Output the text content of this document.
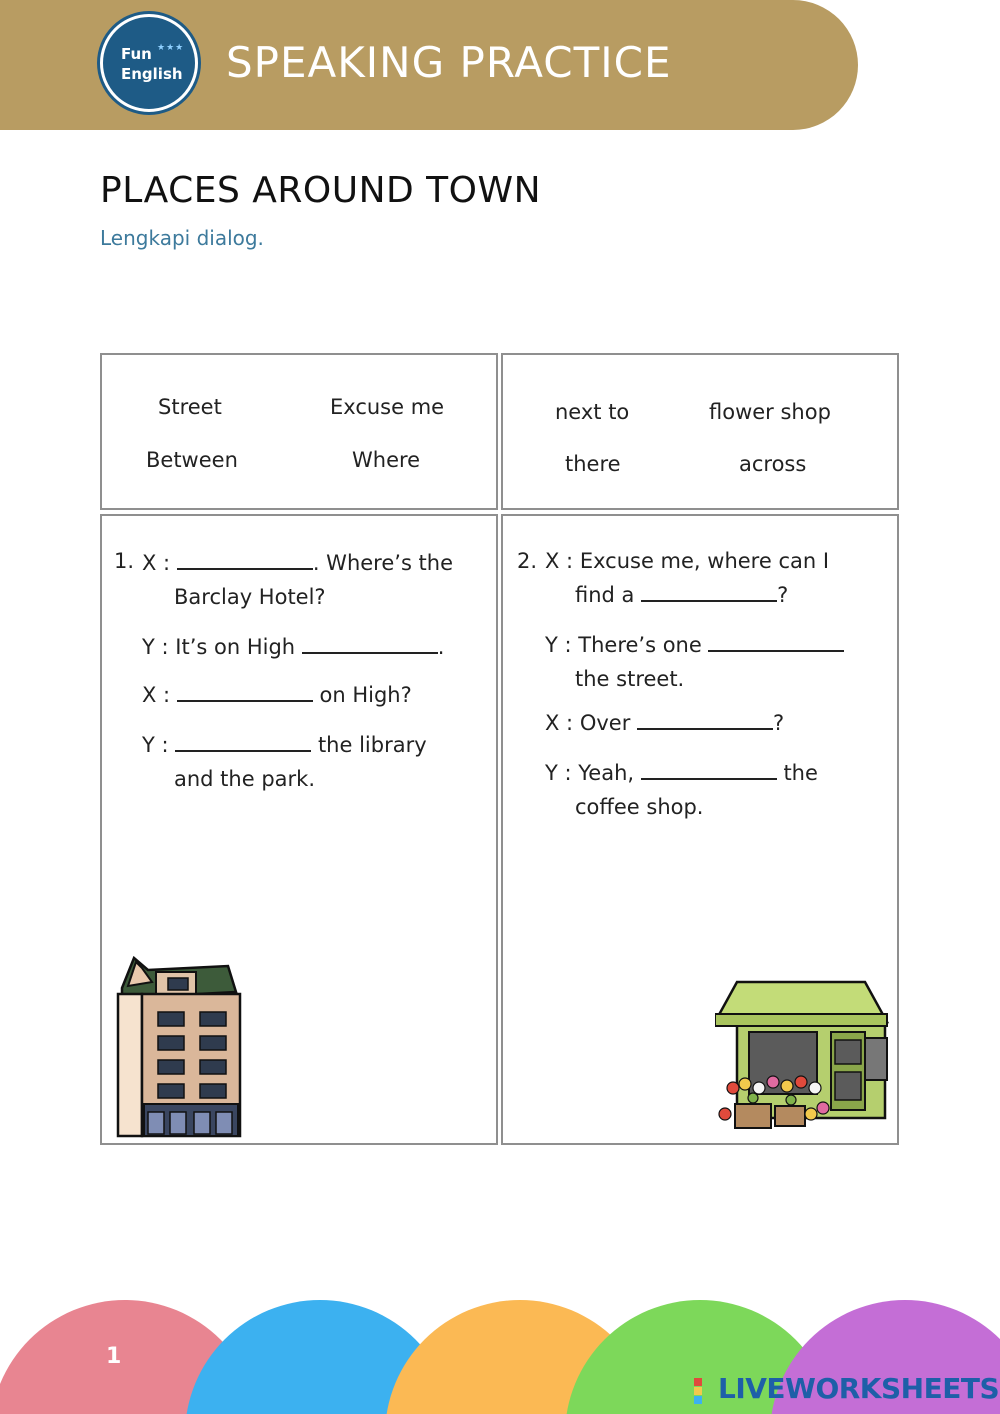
Fun ★★★
English SPEAKING PRACTICE
PLACES AROUND TOWN
Lengkapi dialog.
Street	Excuse me
Between	Where
next to	flower shop
there	across
1. X :	. Where’s the
Barclay Hotel?
Y : It’s on High	.
X :	on High?
Y :	the library
and the park.
2. X : Excuse me, where can I
find a	?
Y : There’s one
the street.
X : Over	?
Y : Yeah,	the
coffee shop.
1
LIVEWORKSHEETS
